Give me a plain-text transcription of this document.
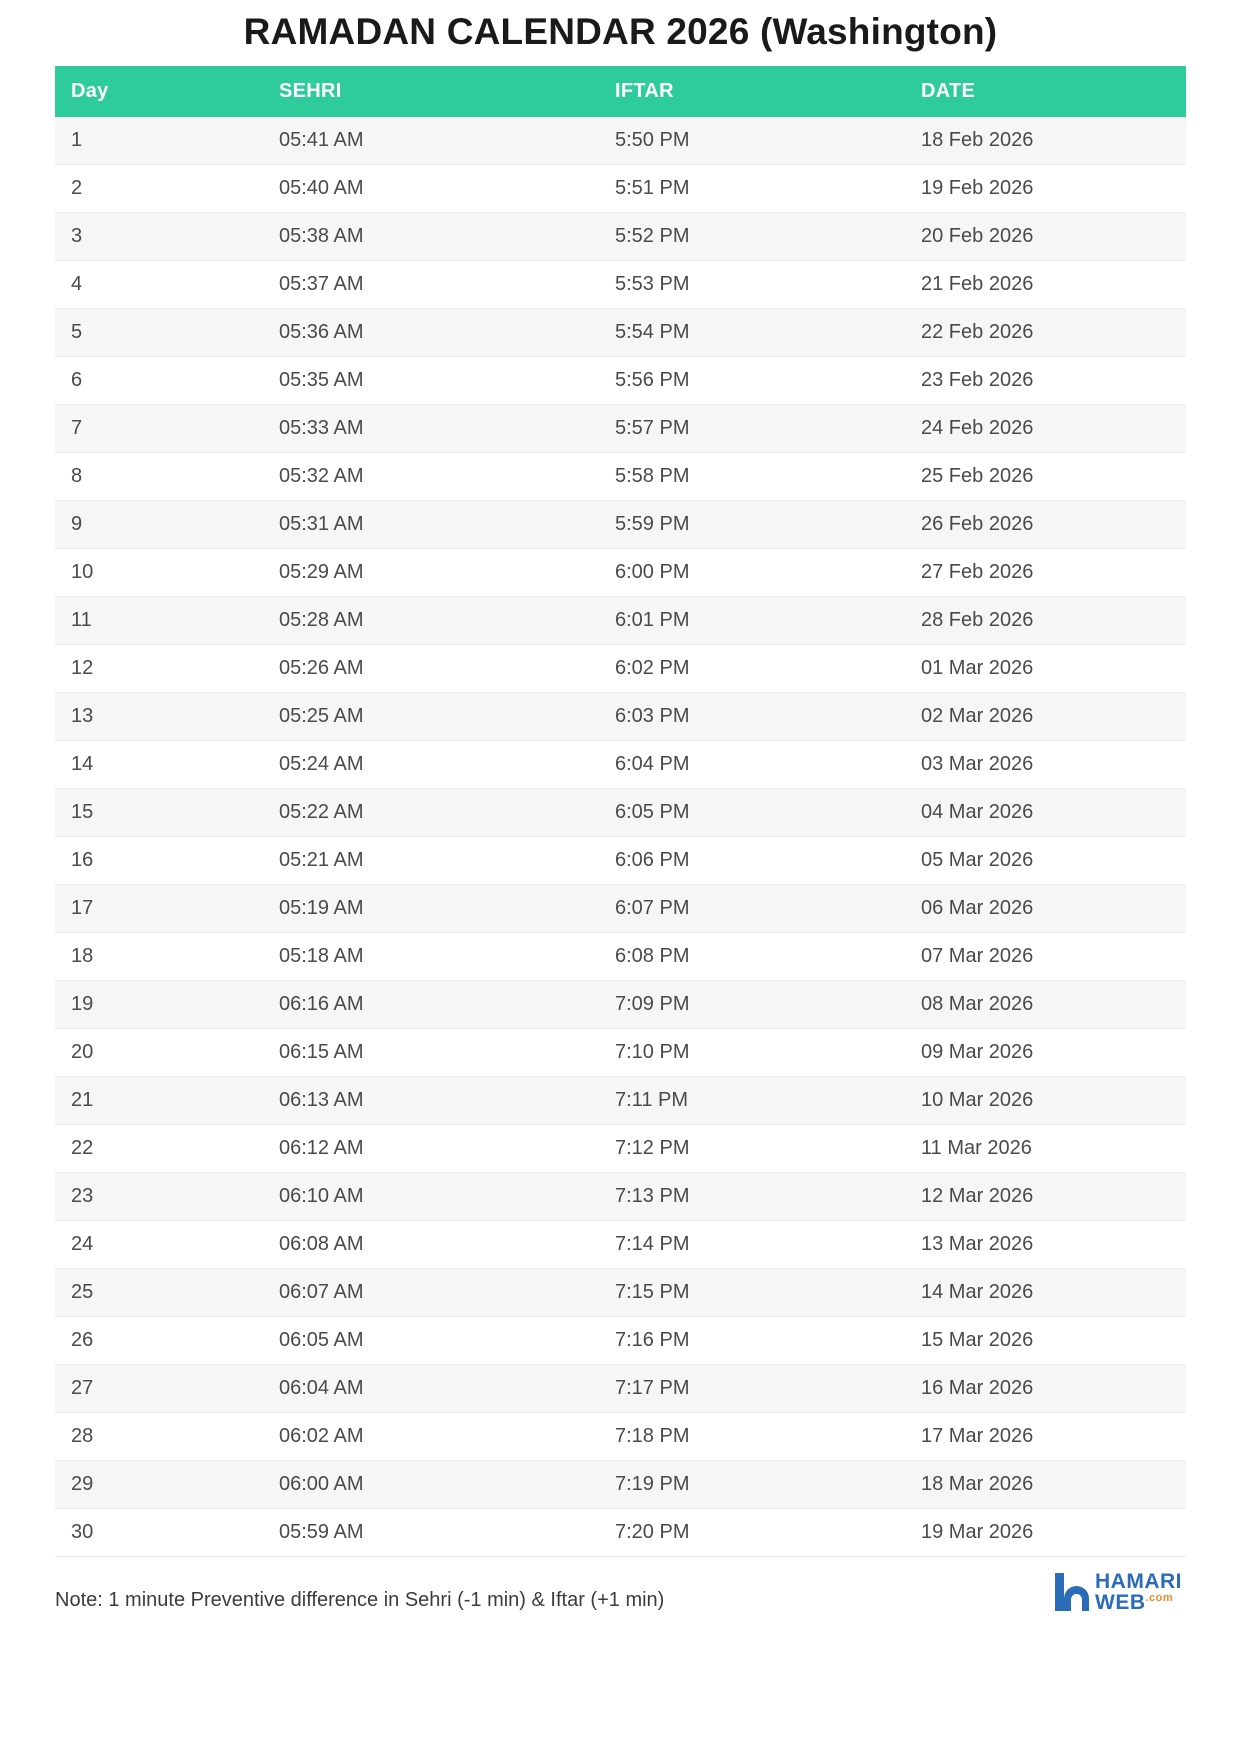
RAMADAN CALENDAR 2026 (Washington)
Day	SEHRI	IFTAR	DATE
1	05:41 AM	5:50 PM	18 Feb 2026
2	05:40 AM	5:51 PM	19 Feb 2026
3	05:38 AM	5:52 PM	20 Feb 2026
4	05:37 AM	5:53 PM	21 Feb 2026
5	05:36 AM	5:54 PM	22 Feb 2026
6	05:35 AM	5:56 PM	23 Feb 2026
7	05:33 AM	5:57 PM	24 Feb 2026
8	05:32 AM	5:58 PM	25 Feb 2026
9	05:31 AM	5:59 PM	26 Feb 2026
10	05:29 AM	6:00 PM	27 Feb 2026
11	05:28 AM	6:01 PM	28 Feb 2026
12	05:26 AM	6:02 PM	01 Mar 2026
13	05:25 AM	6:03 PM	02 Mar 2026
14	05:24 AM	6:04 PM	03 Mar 2026
15	05:22 AM	6:05 PM	04 Mar 2026
16	05:21 AM	6:06 PM	05 Mar 2026
17	05:19 AM	6:07 PM	06 Mar 2026
18	05:18 AM	6:08 PM	07 Mar 2026
19	06:16 AM	7:09 PM	08 Mar 2026
20	06:15 AM	7:10 PM	09 Mar 2026
21	06:13 AM	7:11 PM	10 Mar 2026
22	06:12 AM	7:12 PM	11 Mar 2026
23	06:10 AM	7:13 PM	12 Mar 2026
24	06:08 AM	7:14 PM	13 Mar 2026
25	06:07 AM	7:15 PM	14 Mar 2026
26	06:05 AM	7:16 PM	15 Mar 2026
27	06:04 AM	7:17 PM	16 Mar 2026
28	06:02 AM	7:18 PM	17 Mar 2026
29	06:00 AM	7:19 PM	18 Mar 2026
30	05:59 AM	7:20 PM	19 Mar 2026
Note: 1 minute Preventive difference in Sehri (-1 min) & Iftar (+1 min)
HAMARI
$WEB^{.com}$
